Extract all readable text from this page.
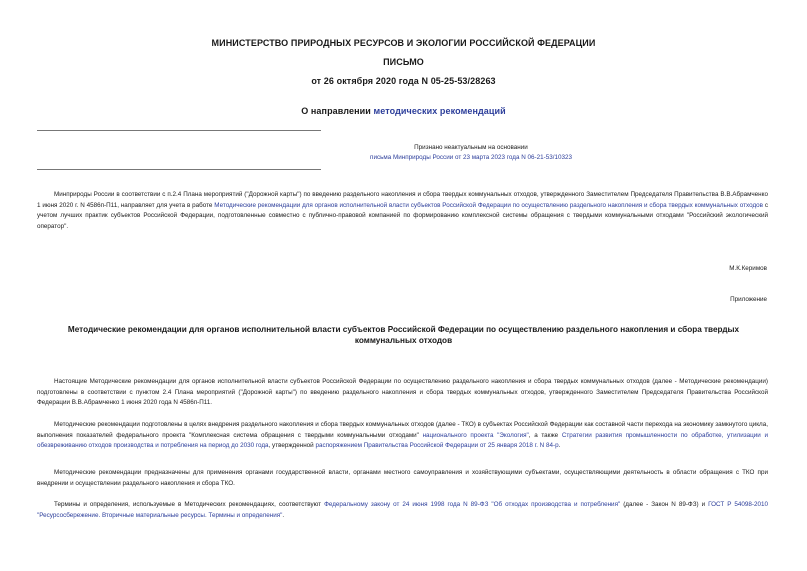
МИНИСТЕРСТВО ПРИРОДНЫХ РЕСУРСОВ И ЭКОЛОГИИ РОССИЙСКОЙ ФЕДЕРАЦИИ
ПИСЬМО
от 26 октября 2020 года N 05-25-53/28263
О направлении методических рекомендаций
Признано неактуальным на основании
письма Минприроды России от 23 марта 2023 года N 06-21-53/10323
Минприроды России в соответствии с п.2.4 Плана мероприятий ("Дорожной карты") по введению раздельного накопления и сбора твердых коммунальных отходов, утвержденного Заместителем Председателя Правительства В.В.Абрамченко 1 июня 2020 г. N 4586п-П11, направляет для учета в работе Методические рекомендации для органов исполнительной власти субъектов Российской Федерации по осуществлению раздельного накопления и сбора твердых коммунальных отходов с учетом лучших практик субъектов Российской Федерации, подготовленные совместно с публично-правовой компанией по формированию комплексной системы обращения с твердыми коммунальными отходами "Российский экологический оператор".
М.К.Керимов
Приложение
Методические рекомендации для органов исполнительной власти субъектов Российской Федерации по осуществлению раздельного накопления и сбора твердых коммунальных отходов
Настоящие Методические рекомендации для органов исполнительной власти субъектов Российской Федерации по осуществлению раздельного накопления и сбора твердых коммунальных отходов (далее - Методические рекомендации) подготовлены в соответствии с пунктом 2.4 Плана мероприятий ("Дорожной карты") по введению раздельного накопления и сбора твердых коммунальных отходов, утвержденного Заместителем Председателя Правительства Российской Федерации В.В.Абрамченко 1 июня 2020 года N 4586п-П11.
Методические рекомендации подготовлены в целях внедрения раздельного накопления и сбора твердых коммунальных отходов (далее - ТКО) в субъектах Российской Федерации как составной части перехода на экономику замкнутого цикла, выполнения показателей федерального проекта "Комплексная система обращения с твердыми коммунальными отходами" национального проекта "Экология", а также Стратегии развития промышленности по обработке, утилизации и обезвреживанию отходов производства и потребления на период до 2030 года, утвержденной распоряжением Правительства Российской Федерации от 25 января 2018 г. N 84-р.
Методические рекомендации предназначены для применения органами государственной власти, органами местного самоуправления и хозяйствующими субъектами, осуществляющими деятельность в области обращения с ТКО при внедрении и осуществлении раздельного накопления и сбора ТКО.
Термины и определения, используемые в Методических рекомендациях, соответствуют Федеральному закону от 24 июня 1998 года N 89-ФЗ "Об отходах производства и потребления" (далее - Закон N 89-ФЗ) и ГОСТ Р 54098-2010 "Ресурсосбережение. Вторичные материальные ресурсы. Термины и определения".
